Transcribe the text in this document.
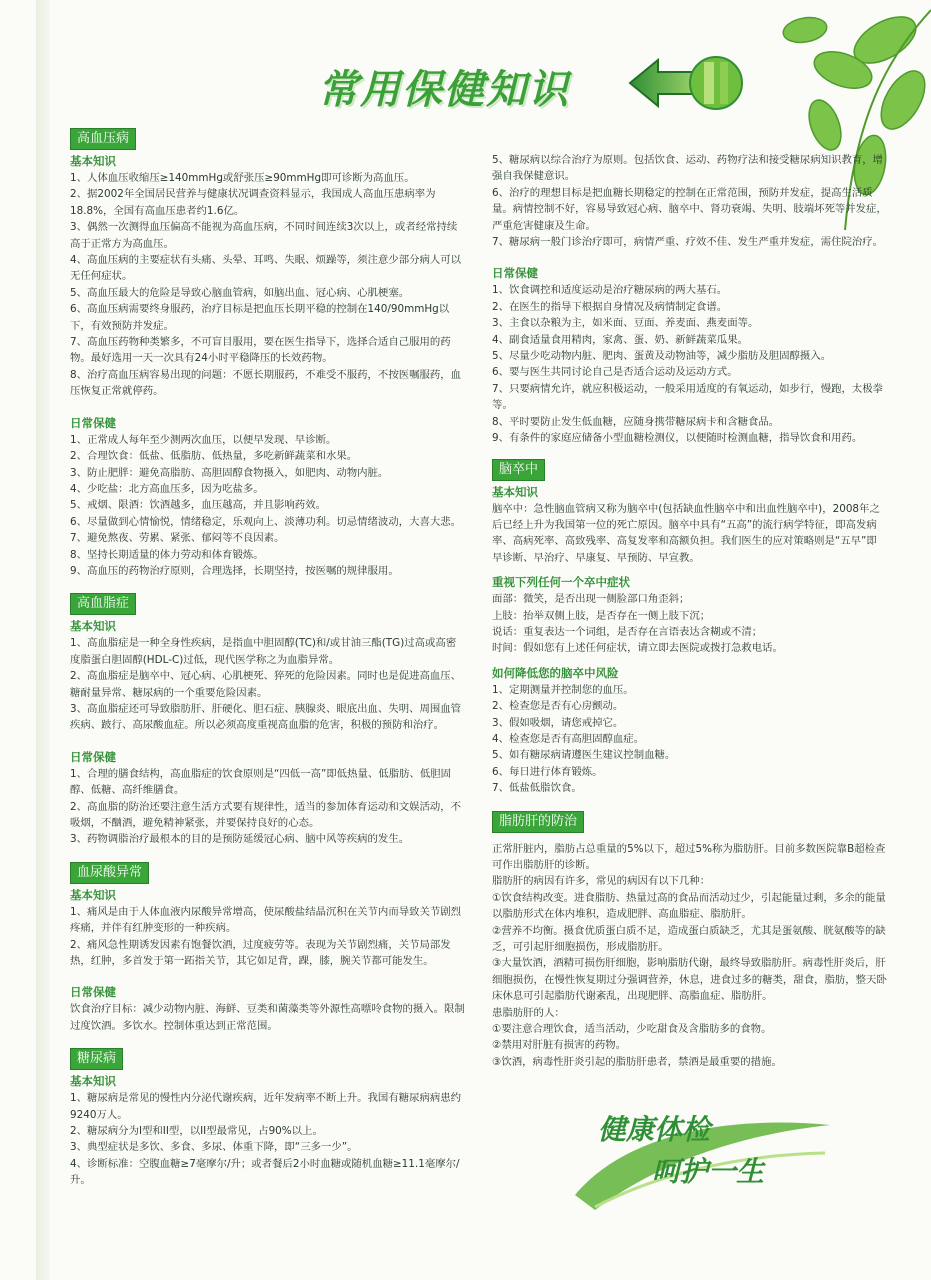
常用保健知识
高血压病
基本知识
1、人体血压收缩压≥140mmHg或舒张压≥90mmHg即可诊断为高血压。
2、据2002年全国居民营养与健康状况调查资料显示，我国成人高血压患病率为18.8%，全国有高血压患者约1.6亿。
3、偶然一次测得血压偏高不能视为高血压病，不同时间连续3次以上，或者经常持续高于正常方为高血压。
4、高血压病的主要症状有头痛、头晕、耳鸣、失眠、烦躁等，须注意少部分病人可以无任何症状。
5、高血压最大的危险是导致心脑血管病，如脑出血、冠心病、心肌梗塞。
6、高血压病需要终身服药，治疗目标是把血压长期平稳的控制在140/90mmHg以下，有效预防并发症。
7、高血压药物种类繁多，不可盲目服用，要在医生指导下，选择合适自己服用的药物。最好选用一天一次具有24小时平稳降压的长效药物。
8、治疗高血压病容易出现的问题：不愿长期服药，不难受不服药，不按医嘱服药，血压恢复正常就停药。
日常保健
1、正常成人每年至少测两次血压，以便早发现、早诊断。
2、合理饮食：低盐、低脂肪、低热量，多吃新鲜蔬菜和水果。
3、防止肥胖：避免高脂肪、高胆固醇食物摄入，如肥肉、动物内脏。
4、少吃盐：北方高血压多，因为吃盐多。
5、戒烟、限酒：饮酒越多，血压越高，并且影响药效。
6、尽量做到心情愉悦，情绪稳定，乐观向上、淡薄功利。切忌情绪波动，大喜大悲。
7、避免熬夜、劳累、紧张、郁闷等不良因素。
8、坚持长期适量的体力劳动和体育锻炼。
9、高血压的药物治疗原则，合理选择，长期坚持，按医嘱的规律服用。
高血脂症
基本知识
1、高血脂症是一种全身性疾病，是指血中胆固醇(TC)和/或甘油三酯(TG)过高或高密度脂蛋白胆固醇(HDL-C)过低，现代医学称之为血脂异常。
2、高血脂症是脑卒中、冠心病、心肌梗死、猝死的危险因素。同时也是促进高血压、糖耐量异常、糖尿病的一个重要危险因素。
3、高血脂症还可导致脂肪肝、肝硬化、胆石症、胰腺炎、眼底出血、失明、周围血管疾病、跛行、高尿酸血症。所以必须高度重视高血脂的危害，积极的预防和治疗。
日常保健
1、合理的膳食结构，高血脂症的饮食原则是“四低一高”即低热量、低脂肪、低胆固醇、低糖、高纤维膳食。
2、高血脂的防治还要注意生活方式要有规律性，适当的参加体育运动和文娱活动，不吸烟，不酗酒，避免精神紧张，并要保持良好的心态。
3、药物调脂治疗最根本的目的是预防延缓冠心病、脑中风等疾病的发生。
血尿酸异常
基本知识
1、痛风是由于人体血液内尿酸异常增高，使尿酸盐结晶沉积在关节内而导致关节剧烈疼痛，并伴有红肿变形的一种疾病。
2、痛风急性期诱发因素有饱餐饮酒，过度疲劳等。表现为关节剧烈痛，关节局部发热，红肿，多首发于第一跖指关节，其它如足背，踝，膝，腕关节都可能发生。
日常保健
饮食治疗目标：减少动物内脏、海鲜、豆类和菌藻类等外源性高嘌呤食物的摄入。限制过度饮酒。多饮水。控制体重达到正常范围。
糖尿病
基本知识
1、糖尿病是常见的慢性内分泌代谢疾病，近年发病率不断上升。我国有糖尿病病患约9240万人。
2、糖尿病分为I型和II型，以II型最常见，占90%以上。
3、典型症状是多饮、多食、多尿、体重下降，即“三多一少”。
4、诊断标准：空腹血糖≥7毫摩尔/升；或者餐后2小时血糖或随机血糖≥11.1毫摩尔/升。
5、糖尿病以综合治疗为原则。包括饮食、运动、药物疗法和接受糖尿病知识教育，增强自我保健意识。
6、治疗的理想目标是把血糖长期稳定的控制在正常范围，预防并发症，提高生活质量。病情控制不好，容易导致冠心病、脑卒中、肾功衰竭、失明、肢端坏死等并发症，严重危害健康及生命。
7、糖尿病一般门诊治疗即可，病情严重、疗效不佳、发生严重并发症，需住院治疗。
日常保健
1、饮食调控和适度运动是治疗糖尿病的两大基石。
2、在医生的指导下根据自身情况及病情制定食谱。
3、主食以杂粮为主，如米面、豆面、养麦面、燕麦面等。
4、副食适量食用精肉，家禽、蛋、奶、新鲜蔬菜瓜果。
5、尽量少吃动物内脏、肥肉、蛋黄及动物油等，减少脂肪及胆固醇摄入。
6、要与医生共同讨论自己是否适合运动及运动方式。
7、只要病情允许，就应积极运动，一般采用适度的有氧运动，如步行，慢跑，太极拳等。
8、平时要防止发生低血糖，应随身携带糖尿病卡和含糖食品。
9、有条件的家庭应储备小型血糖检测仪，以便随时检测血糖，指导饮食和用药。
脑卒中
基本知识
脑卒中：急性脑血管病又称为脑卒中(包括缺血性脑卒中和出血性脑卒中)，2008年之后已经上升为我国第一位的死亡原因。脑卒中具有“五高”的流行病学特征，即高发病率、高病死率、高致残率、高复发率和高额负担。我们医生的应对策略则是“五早”即早诊断、早治疗、早康复、早预防、早宣教。
重视下列任何一个卒中症状
面部：微笑，是否出现一侧脸部口角歪斜；
上肢：抬举双侧上肢，是否存在一侧上肢下沉；
说话：重复表达一个词组，是否存在言语表达含糊或不清；
时间：假如您有上述任何症状，请立即去医院或拨打急救电话。
如何降低您的脑卒中风险
1、定期测量并控制您的血压。
2、检查您是否有心房颤动。
3、假如吸烟，请您戒掉它。
4、检查您是否有高胆固醇血症。
5、如有糖尿病请遵医生建议控制血糖。
6、每日进行体育锻炼。
7、低盐低脂饮食。
脂肪肝的防治
正常肝脏内，脂肪占总重量的5%以下，超过5%称为脂肪肝。目前多数医院靠B超检查可作出脂肪肝的诊断。
脂肪肝的病因有许多，常见的病因有以下几种：
①饮食结构改变。进食脂肪、热量过高的食品而活动过少，引起能量过剩，多余的能量以脂肪形式在体内堆积，造成肥胖、高血脂症、脂肪肝。
②营养不均衡。摄食优质蛋白质不足，造成蛋白质缺乏，尤其是蛋氨酸、胱氨酸等的缺乏，可引起肝细胞损伤，形成脂肪肝。
③大量饮酒，酒精可损伤肝细胞，影响脂肪代谢，最终导致脂肪肝。病毒性肝炎后，肝细胞损伤，在慢性恢复期过分强调营养，休息，进食过多的糖类，甜食，脂肪，整天卧床休息可引起脂肪代谢紊乱，出现肥胖、高脂血症、脂肪肝。
患脂肪肝的人：
①要注意合理饮食，适当活动，少吃甜食及含脂肪多的食物。
②禁用对肝脏有损害的药物。
③饮酒，病毒性肝炎引起的脂肪肝患者，禁酒是最重要的措施。
健康体检
呵护一生
